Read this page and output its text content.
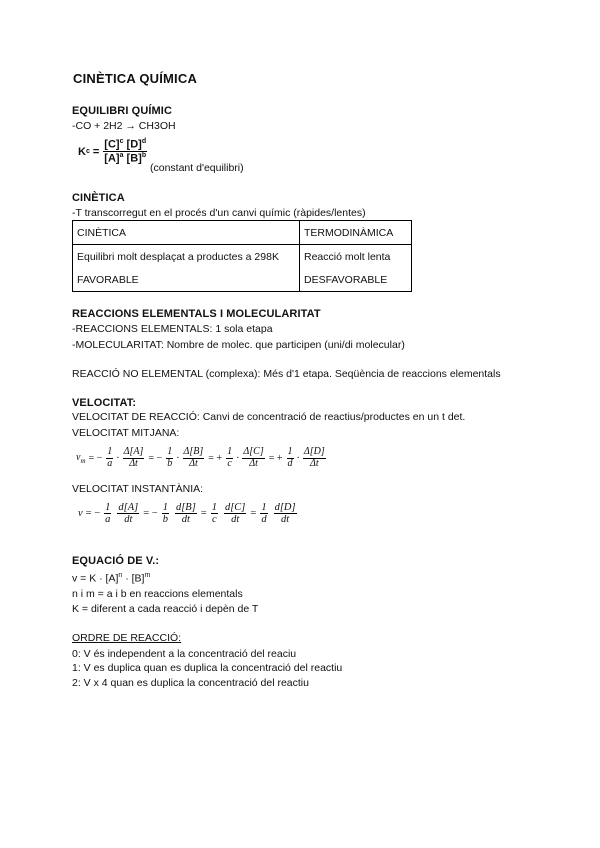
CINÈTICA QUÍMICA
EQUILIBRI QUÍMIC
-CO + 2H2 → CH3OH
K $c = \frac{[C]^c [D]^d}{[A]^a [B]^b}$
(constant d'equilibri)
CINÈTICA
-T transcorregut en el procés d'un canvi químic (ràpides/lentes)
CINÈTICA	TERMODINÀMICA
Equilibri molt desplaçat a productes a 298K	Reacció molt lenta
FAVORABLE	DESFAVORABLE
REACCIONS ELEMENTALS I MOLECULARITAT
-REACCIONS ELEMENTALS: 1 sola etapa
-MOLECULARITAT: Nombre de molec. que participen (uni/di molecular)
REACCIÓ NO ELEMENTAL (complexa): Més d'1 etapa. Seqüència de reaccions elementals
VELOCITAT:
VELOCITAT DE REACCIÓ: Canvi de concentració de reactius/productes en un t det.
VELOCITAT MITJANA:
$v_m$ = − $\frac{1}{a} \cdot \frac{\Delta[A]}{\Delta t}$ = − $\frac{1}{b} \cdot \frac{\Delta[B]}{\Delta t}$ = + $\frac{1}{c} \cdot \frac{\Delta[C]}{\Delta t}$ = + $\frac{1}{d} \cdot \frac{\Delta[D]}{\Delta t}$
VELOCITAT INSTANTÀNIA:
v = − $\frac{1}{a} \frac{d[A]}{dt}$ = − $\frac{1}{b} \frac{d[B]}{dt} = \frac{1}{c} \frac{d[C]}{dt} = \frac{1}{d} \frac{d[D]}{dt}$
EQUACIÓ DE V.:
$v = K \cdot [A]^n \cdot [B]^m$
n i m = a i b en reaccions elementals
K = diferent a cada reacció i depèn de T
ORDRE DE REACCIÓ:
0: V és independent a la concentració del reaciu
1: V es duplica quan es duplica la concentració del reactiu
2: V x 4 quan es duplica la concentració del reactiu
